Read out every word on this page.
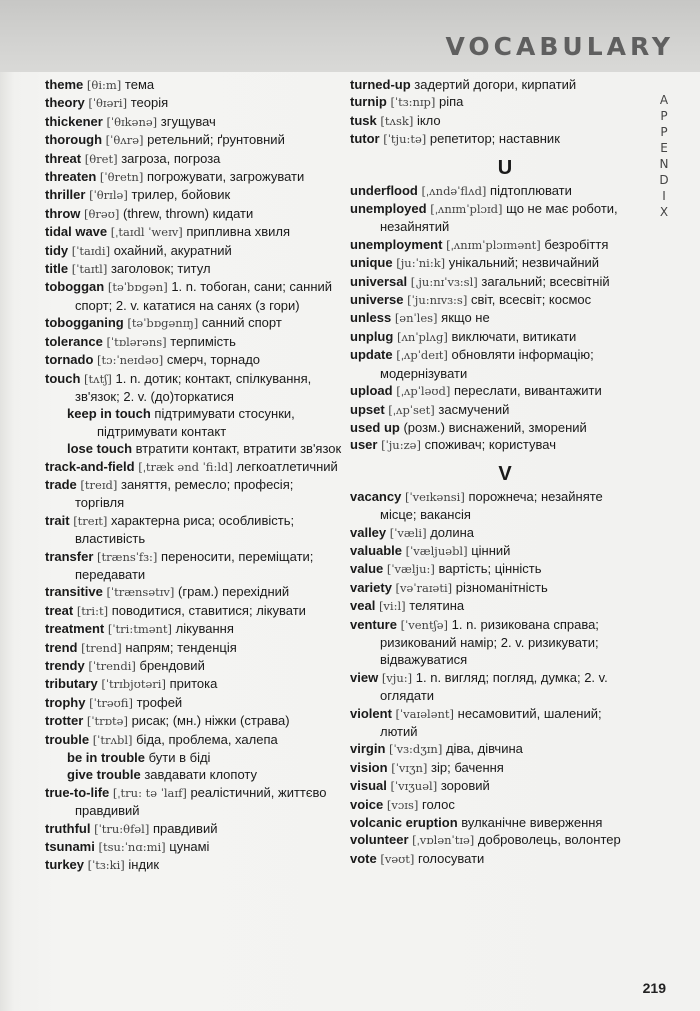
VOCABULARY
A
P
P
E
N
D
I
X

theme [θi:m] тема

theory [ˈθɪəri] теорія

thickener [ˈθɪkənə] згущувач

thorough [ˈθʌrə] ретельний; ґрунтовний

threat [θret] загроза, погроза

threaten [ˈθretn] погрожувати, загрожувати

thriller [ˈθrɪlə] трилер, бойовик

throw [θrəʊ] (threw, thrown) кидати

tidal wave [ˌtaɪdl ˈweɪv] припливна хвиля

tidy [ˈtaɪdi] охайний, акуратний

title [ˈtaɪtl] заголовок; титул

toboggan [təˈbɒgən] 1. n. тобоган, сани; санний спорт; 2. v. кататися на санях (з гори)

tobogganing [təˈbɒgənɪŋ] санний спорт

tolerance [ˈtɒlərəns] терпимість

tornado [tɔ:ˈneɪdəʊ] смерч, торнадо

touch [tʌtʃ] 1. n. дотик; контакт, спілкування, зв'язок; 2. v. (до)торкатися

keep in touch підтримувати стосунки, підтримувати контакт

lose touch втратити контакт, втратити зв'язок

track-and-field [ˌtræk ənd ˈfi:ld] легкоатлетичний

trade [treɪd] заняття, ремесло; професія; торгівля

trait [treɪt] характерна риса; особливість; властивість

transfer [trænsˈfɜ:] переносити, переміщати; передавати

transitive [ˈtrænsətɪv] (грам.) перехідний

treat [tri:t] поводитися, ставитися; лікувати

treatment [ˈtri:tmənt] лікування

trend [trend] напрям; тенденція

trendy [ˈtrendi] брендовий

tributary [ˈtrɪbjʊtəri] притока

trophy [ˈtrəʊfi] трофей

trotter [ˈtrɒtə] рисак; (мн.) ніжки (страва)

trouble [ˈtrʌbl] біда, проблема, халепа

be in trouble бути в біді

give trouble завдавати клопоту

true-to-life [ˌtru: tə ˈlaɪf] реалістичний, життєво правдивий

truthful [ˈtru:θfəl] правдивий

tsunami [tsu:ˈnɑ:mi] цунамі

turkey [ˈtɜ:ki] індик

turned-up задертий догори, кирпатий

turnip [ˈtɜ:nɪp] ріпа

tusk [tʌsk] ікло

tutor [ˈtju:tə] репетитор; наставник

U

underflood [ˌʌndəˈflʌd] підтоплювати

unemployed [ˌʌnɪmˈplɔɪd] що не має роботи, незайнятий

unemployment [ˌʌnɪmˈplɔɪmənt] безробіття

unique [ju:ˈni:k] унікальний; незвичайний

universal [ˌju:nɪˈvɜ:sl] загальний; всесвітній

universe [ˈju:nɪvɜ:s] світ, всесвіт; космос

unless [ənˈles] якщо не

unplug [ʌnˈplʌg] виключати, витикати

update [ˌʌpˈdeɪt] обновляти інформацію; модернізувати

upload [ˌʌpˈləʊd] переслати, вивантажити

upset [ˌʌpˈset] засмучений

used up (розм.) виснажений, зморений

user [ˈju:zə] споживач; користувач

V

vacancy [ˈveɪkənsi] порожнеча; незайняте місце; вакансія

valley [ˈvæli] долина

valuable [ˈvæljuəbl] цінний

value [ˈvælju:] вартість; цінність

variety [vəˈraɪəti] різноманітність

veal [vi:l] телятина

venture [ˈventʃə] 1. n. ризикована справа; ризикований намір; 2. v. ризикувати; відважуватися

view [vju:] 1. n. вигляд; погляд, думка; 2. v. оглядати

violent [ˈvaɪələnt] несамовитий, шалений; лютий

virgin [ˈvɜ:dʒɪn] діва, дівчина

vision [ˈvɪʒn] зір; бачення

visual [ˈvɪʒuəl] зоровий

voice [vɔɪs] голос

volcanic eruption вулканічне виверження

volunteer [ˌvɒlənˈtɪə] доброволець, волонтер

vote [vəʊt] голосувати

219
